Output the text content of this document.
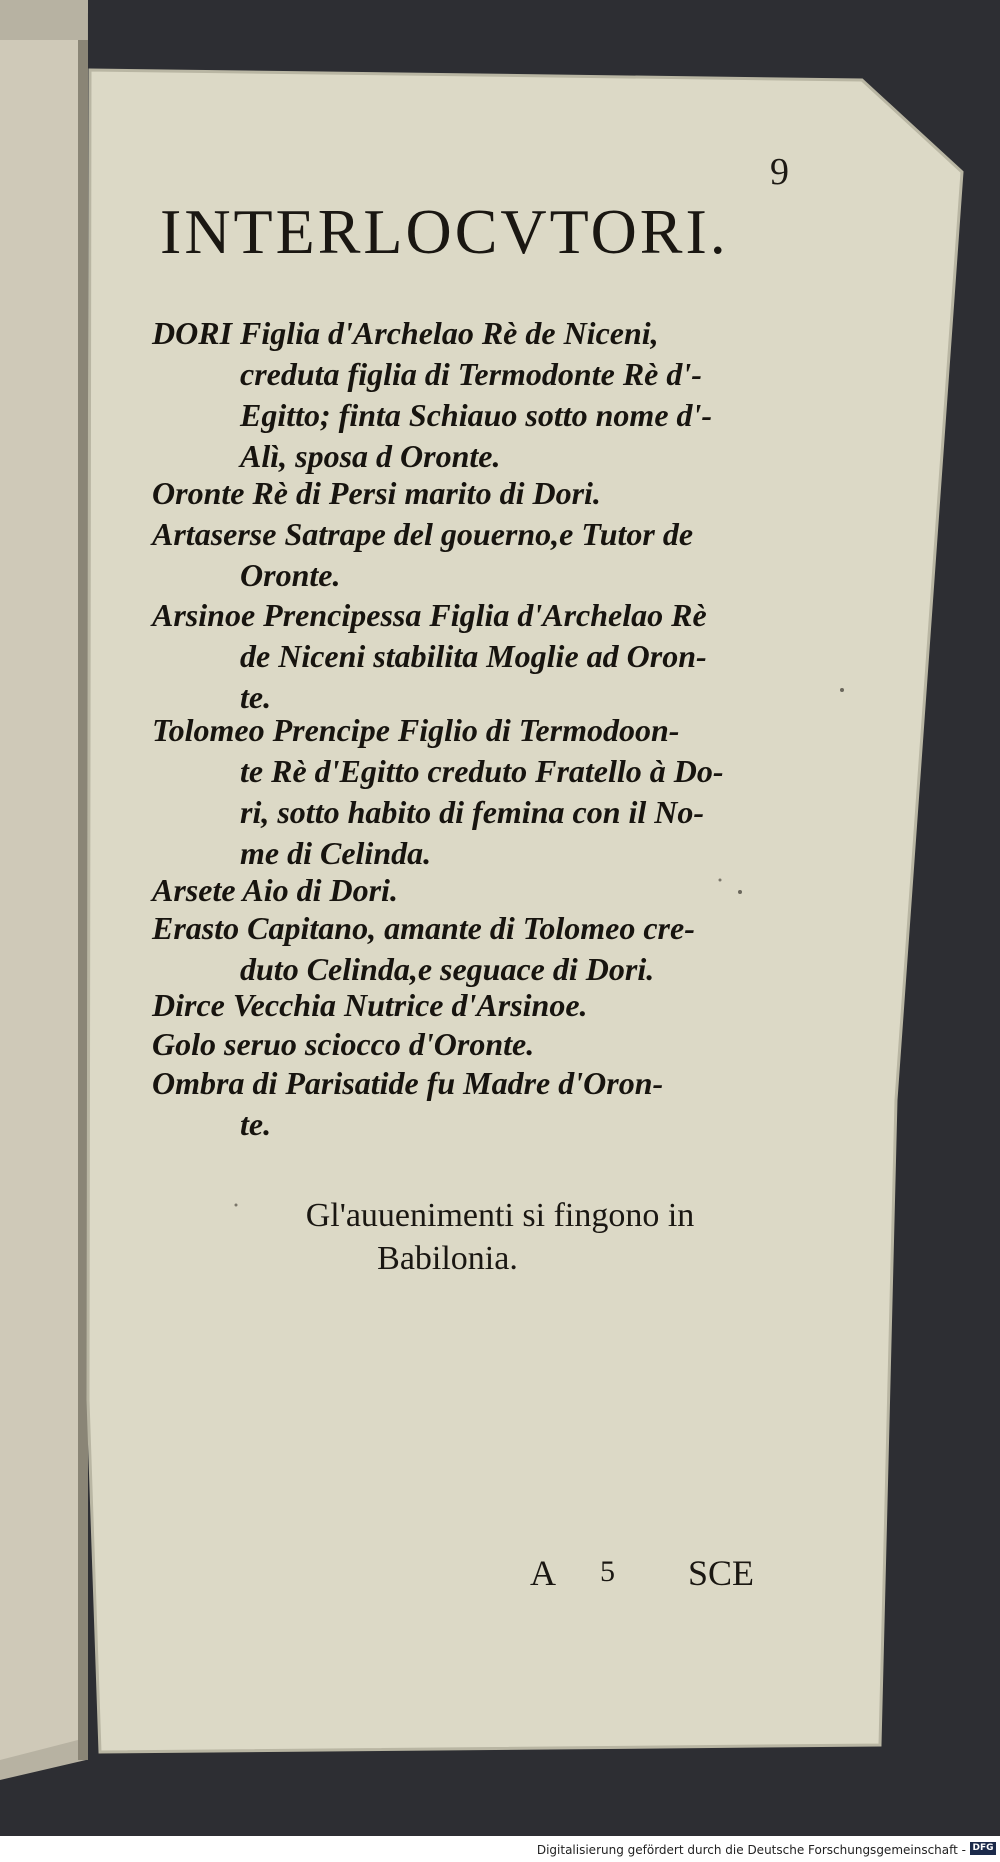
9
INTERLOCVTORI.
DORI Figlia d'Archelao Rè de Niceni,
creduta figlia di Termodonte Rè d'-
Egitto; finta Schiauo sotto nome d'-
Alì, sposa d Oronte.
Oronte Rè di Persi marito di Dori.
Artaserse Satrape del gouerno,e Tutor de
Oronte.
Arsinoe Prencipessa Figlia d'Archelao Rè
de Niceni stabilita Moglie ad Oron-
te.
Tolomeo Prencipe Figlio di Termodoon-
te Rè d'Egitto creduto Fratello à Do-
ri, sotto habito di femina con il No-
me di Celinda.
Arsete Aio di Dori.
Erasto Capitano, amante di Tolomeo cre-
duto Celinda,e seguace di Dori.
Dirce Vecchia Nutrice d'Arsinoe.
Golo seruo sciocco d'Oronte.
Ombra di Parisatide fu Madre d'Oron-
te.
Gl'auuenimenti si fingono in
Babilonia.
A 5 SCE
Digitalisierung gefördert durch die Deutsche Forschungsgemeinschaft - DFG
